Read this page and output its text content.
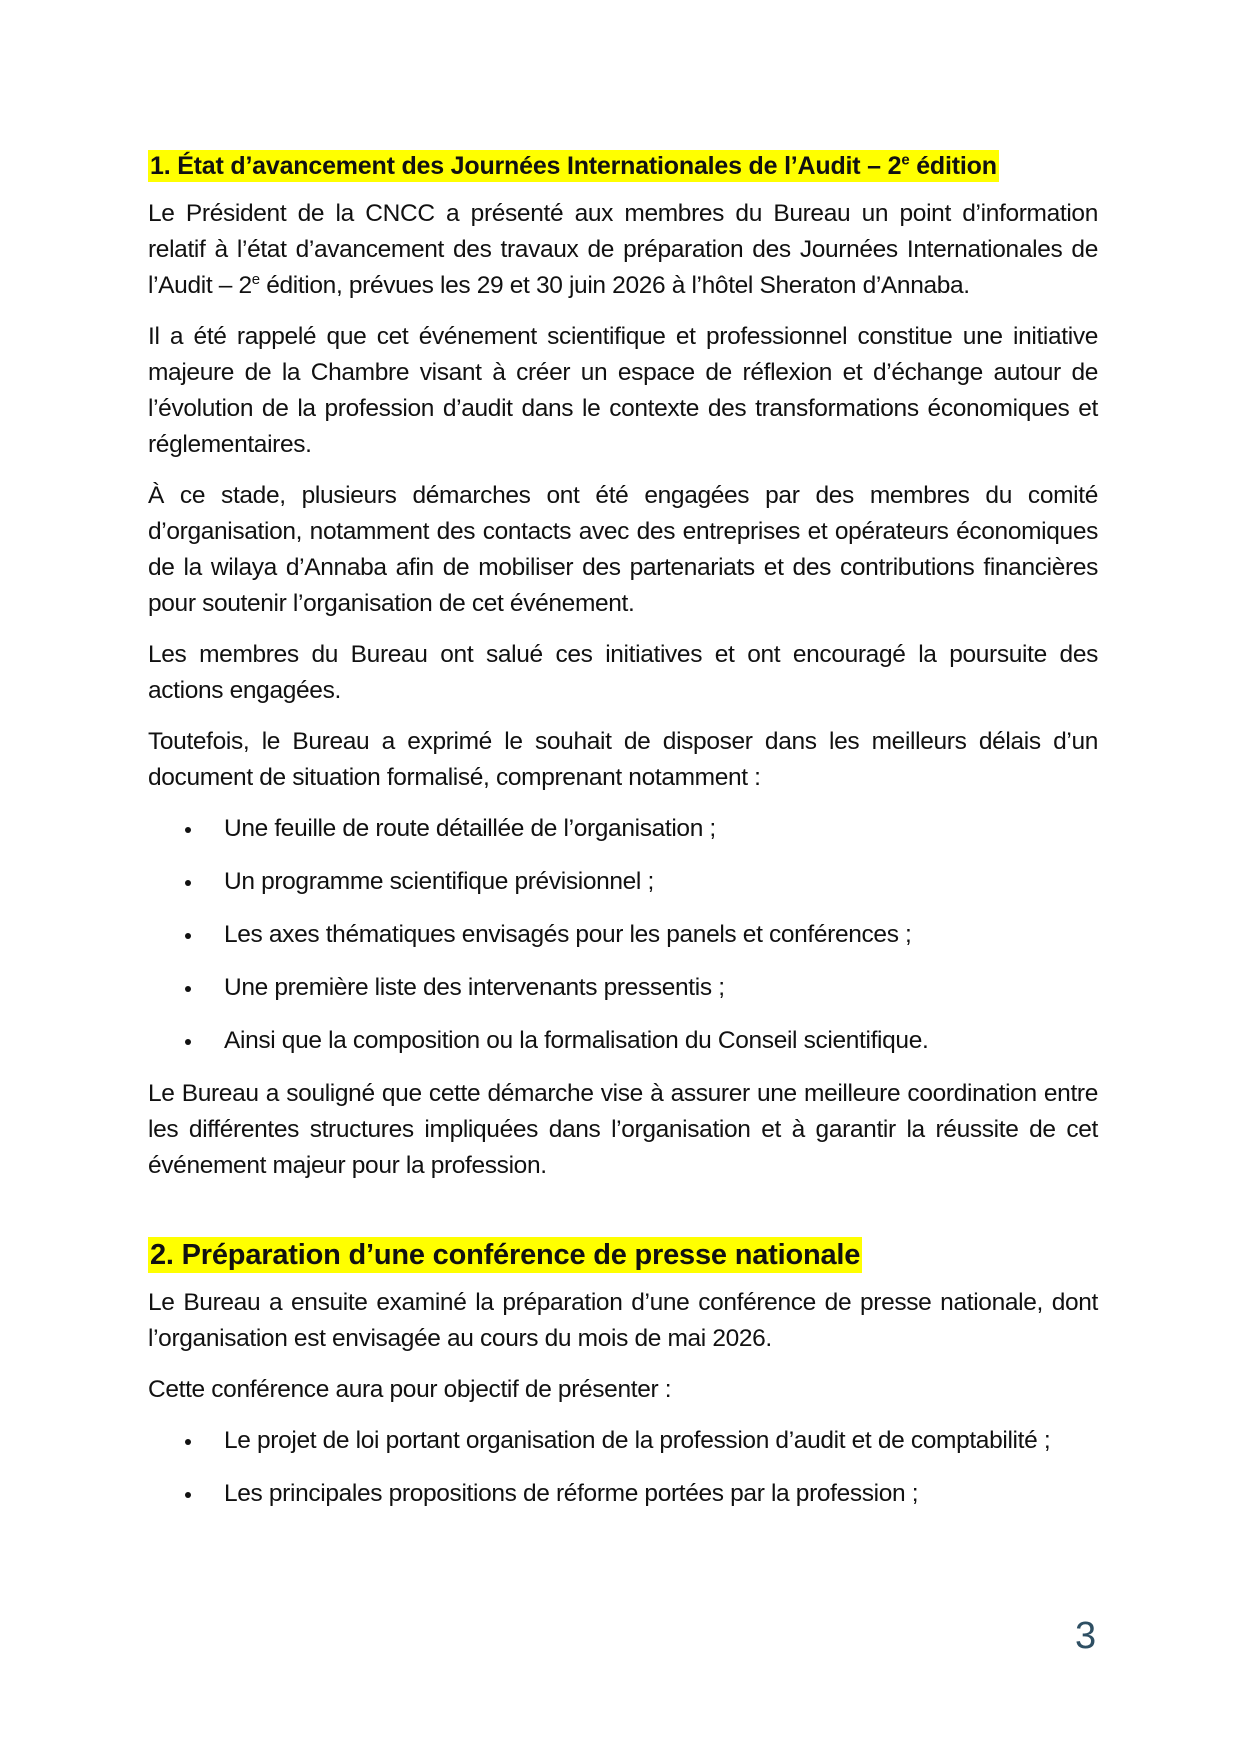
1. État d’avancement des Journées Internationales de l’Audit – 2e édition

Le Président de la CNCC a présenté aux membres du Bureau un point d’information relatif à l’état d’avancement des travaux de préparation des Journées Internationales de l’Audit – 2e édition, prévues les 29 et 30 juin 2026 à l’hôtel Sheraton d’Annaba.

Il a été rappelé que cet événement scientifique et professionnel constitue une initiative majeure de la Chambre visant à créer un espace de réflexion et d’échange autour de l’évolution de la profession d’audit dans le contexte des transformations économiques et réglementaires.

À ce stade, plusieurs démarches ont été engagées par des membres du comité d’organisation, notamment des contacts avec des entreprises et opérateurs économiques de la wilaya d’Annaba afin de mobiliser des partenariats et des contributions financières pour soutenir l’organisation de cet événement.

Les membres du Bureau ont salué ces initiatives et ont encouragé la poursuite des actions engagées.

Toutefois, le Bureau a exprimé le souhait de disposer dans les meilleurs délais d’un document de situation formalisé, comprenant notamment :

Une feuille de route détaillée de l’organisation ;
Un programme scientifique prévisionnel ;
Les axes thématiques envisagés pour les panels et conférences ;
Une première liste des intervenants pressentis ;
Ainsi que la composition ou la formalisation du Conseil scientifique.

Le Bureau a souligné que cette démarche vise à assurer une meilleure coordination entre les différentes structures impliquées dans l’organisation et à garantir la réussite de cet événement majeur pour la profession.

2. Préparation d’une conférence de presse nationale

Le Bureau a ensuite examiné la préparation d’une conférence de presse nationale, dont l’organisation est envisagée au cours du mois de mai 2026.

Cette conférence aura pour objectif de présenter :

Le projet de loi portant organisation de la profession d’audit et de comptabilité ;
Les principales propositions de réforme portées par la profession ;
3
